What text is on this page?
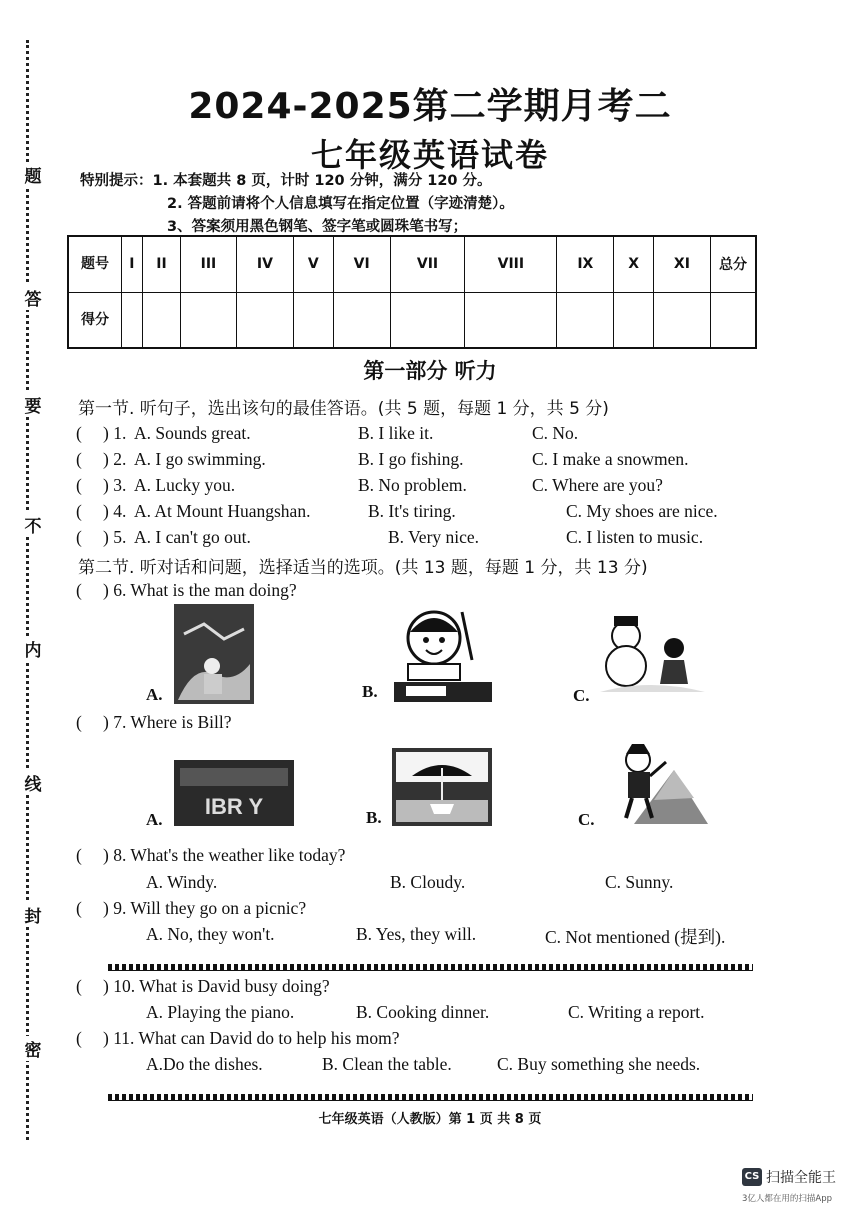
题
答
要
不
内
线
封
密
2024-2025第二学期月考二
七年级英语试卷
特别提示：1. 本套题共 8 页，计时 120 分钟，满分 120 分。
2. 答题前请将个人信息填写在指定位置（字迹清楚）。
3、答案须用黑色钢笔、签字笔或圆珠笔书写；
题号	I	II	III	IV	V	VI	VII	VIII	IX	X	XI	总分
得分												
第一部分 听力
第一节. 听句子，选出该句的最佳答语。(共 5 题，每题 1 分，共 5 分)
( ) 1. A. Sounds great.	B. I like it.	C. No.
( ) 2. A. I go swimming.	B. I go fishing.	C. I make a snowmen.
( ) 3. A. Lucky you.	B. No problem.	C. Where are you?
( ) 4. A. At Mount Huangshan.	B. It's tiring.	C. My shoes are nice.
( ) 5. A. I can't go out.	B. Very nice.	C. I listen to music.
第二节. 听对话和问题，选择适当的选项。(共 13 题，每题 1 分，共 13 分)
( ) 6. What is the man doing?
A.	B.	C.
( ) 7. Where is Bill?
A.
IBR Y	B.	C.
( ) 8. What's the weather like today?
A. Windy.	B. Cloudy.	C. Sunny.
( ) 9. Will they go on a picnic?
A. No, they won't.	B. Yes, they will.	C. Not mentioned (提到).
( ) 10. What is David busy doing?
A. Playing the piano.	B. Cooking dinner.	C. Writing a report.
( ) 11. What can David do to help his mom?
A.Do the dishes.	B. Clean the table.	C. Buy something she needs.
七年级英语（人教版）第 1 页 共 8 页
CS 扫描全能王
3亿人都在用的扫描App
